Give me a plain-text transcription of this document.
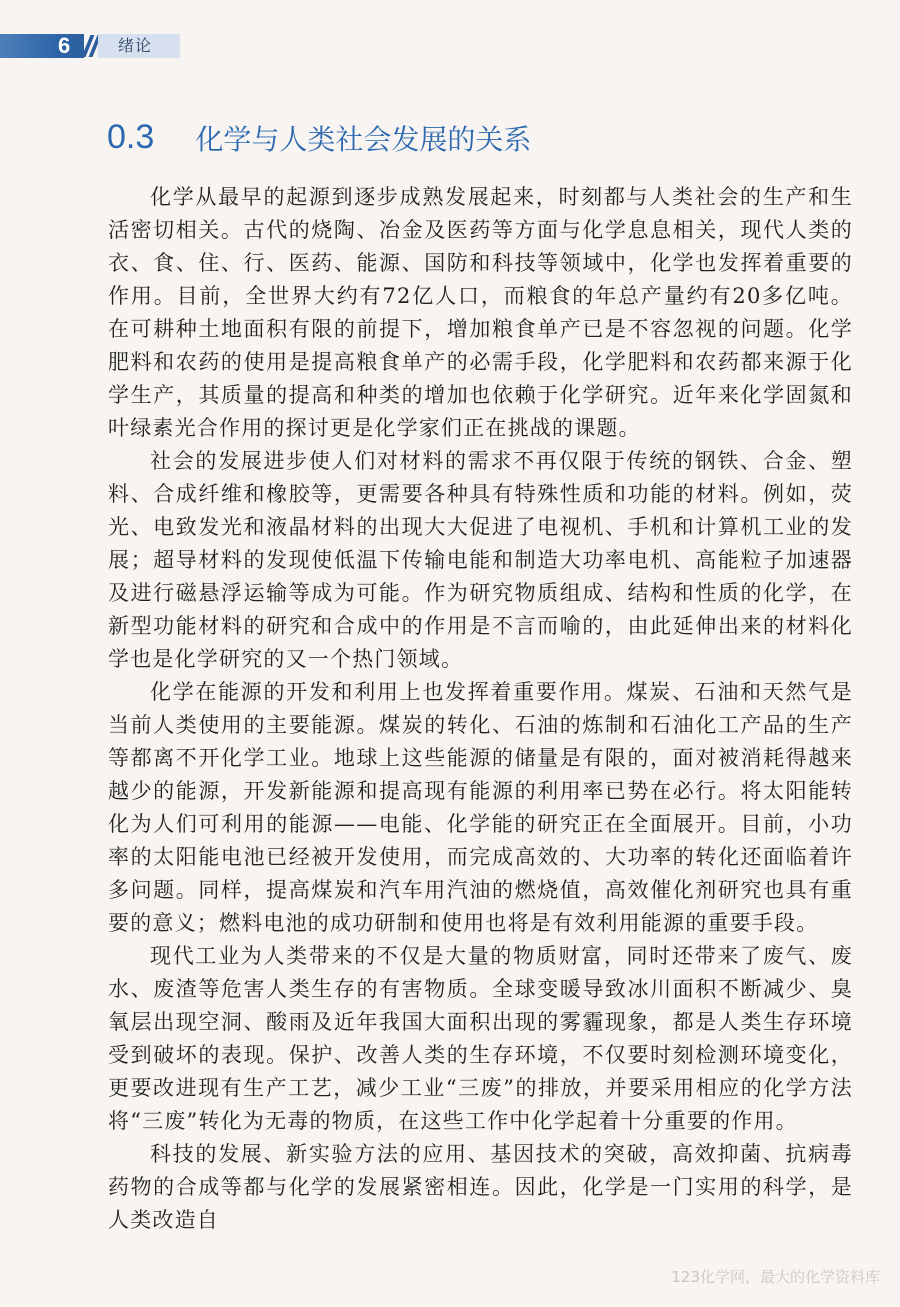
6	绪论
0.3 化学与人类社会发展的关系

化学从最早的起源到逐步成熟发展起来，时刻都与人类社会的生产和生活密切相关。古代的烧陶、冶金及医药等方面与化学息息相关，现代人类的衣、食、住、行、医药、能源、国防和科技等领域中，化学也发挥着重要的作用。目前，全世界大约有72亿人口，而粮食的年总产量约有20多亿吨。在可耕种土地面积有限的前提下，增加粮食单产已是不容忽视的问题。化学肥料和农药的使用是提高粮食单产的必需手段，化学肥料和农药都来源于化学生产，其质量的提高和种类的增加也依赖于化学研究。近年来化学固氮和叶绿素光合作用的探讨更是化学家们正在挑战的课题。

社会的发展进步使人们对材料的需求不再仅限于传统的钢铁、合金、塑料、合成纤维和橡胶等，更需要各种具有特殊性质和功能的材料。例如，荧光、电致发光和液晶材料的出现大大促进了电视机、手机和计算机工业的发展；超导材料的发现使低温下传输电能和制造大功率电机、高能粒子加速器及进行磁悬浮运输等成为可能。作为研究物质组成、结构和性质的化学，在新型功能材料的研究和合成中的作用是不言而喻的，由此延伸出来的材料化学也是化学研究的又一个热门领域。

化学在能源的开发和利用上也发挥着重要作用。煤炭、石油和天然气是当前人类使用的主要能源。煤炭的转化、石油的炼制和石油化工产品的生产等都离不开化学工业。地球上这些能源的储量是有限的，面对被消耗得越来越少的能源，开发新能源和提高现有能源的利用率已势在必行。将太阳能转化为人们可利用的能源——电能、化学能的研究正在全面展开。目前，小功率的太阳能电池已经被开发使用，而完成高效的、大功率的转化还面临着许多问题。同样，提高煤炭和汽车用汽油的燃烧值，高效催化剂研究也具有重要的意义；燃料电池的成功研制和使用也将是有效利用能源的重要手段。

现代工业为人类带来的不仅是大量的物质财富，同时还带来了废气、废水、废渣等危害人类生存的有害物质。全球变暖导致冰川面积不断减少、臭氧层出现空洞、酸雨及近年我国大面积出现的雾霾现象，都是人类生存环境受到破坏的表现。保护、改善人类的生存环境，不仅要时刻检测环境变化，更要改进现有生产工艺，减少工业“三废”的排放，并要采用相应的化学方法将“三废”转化为无毒的物质，在这些工作中化学起着十分重要的作用。

科技的发展、新实验方法的应用、基因技术的突破，高效抑菌、抗病毒药物的合成等都与化学的发展紧密相连。因此，化学是一门实用的科学，是人类改造自

123化学网，最大的化学资料库
